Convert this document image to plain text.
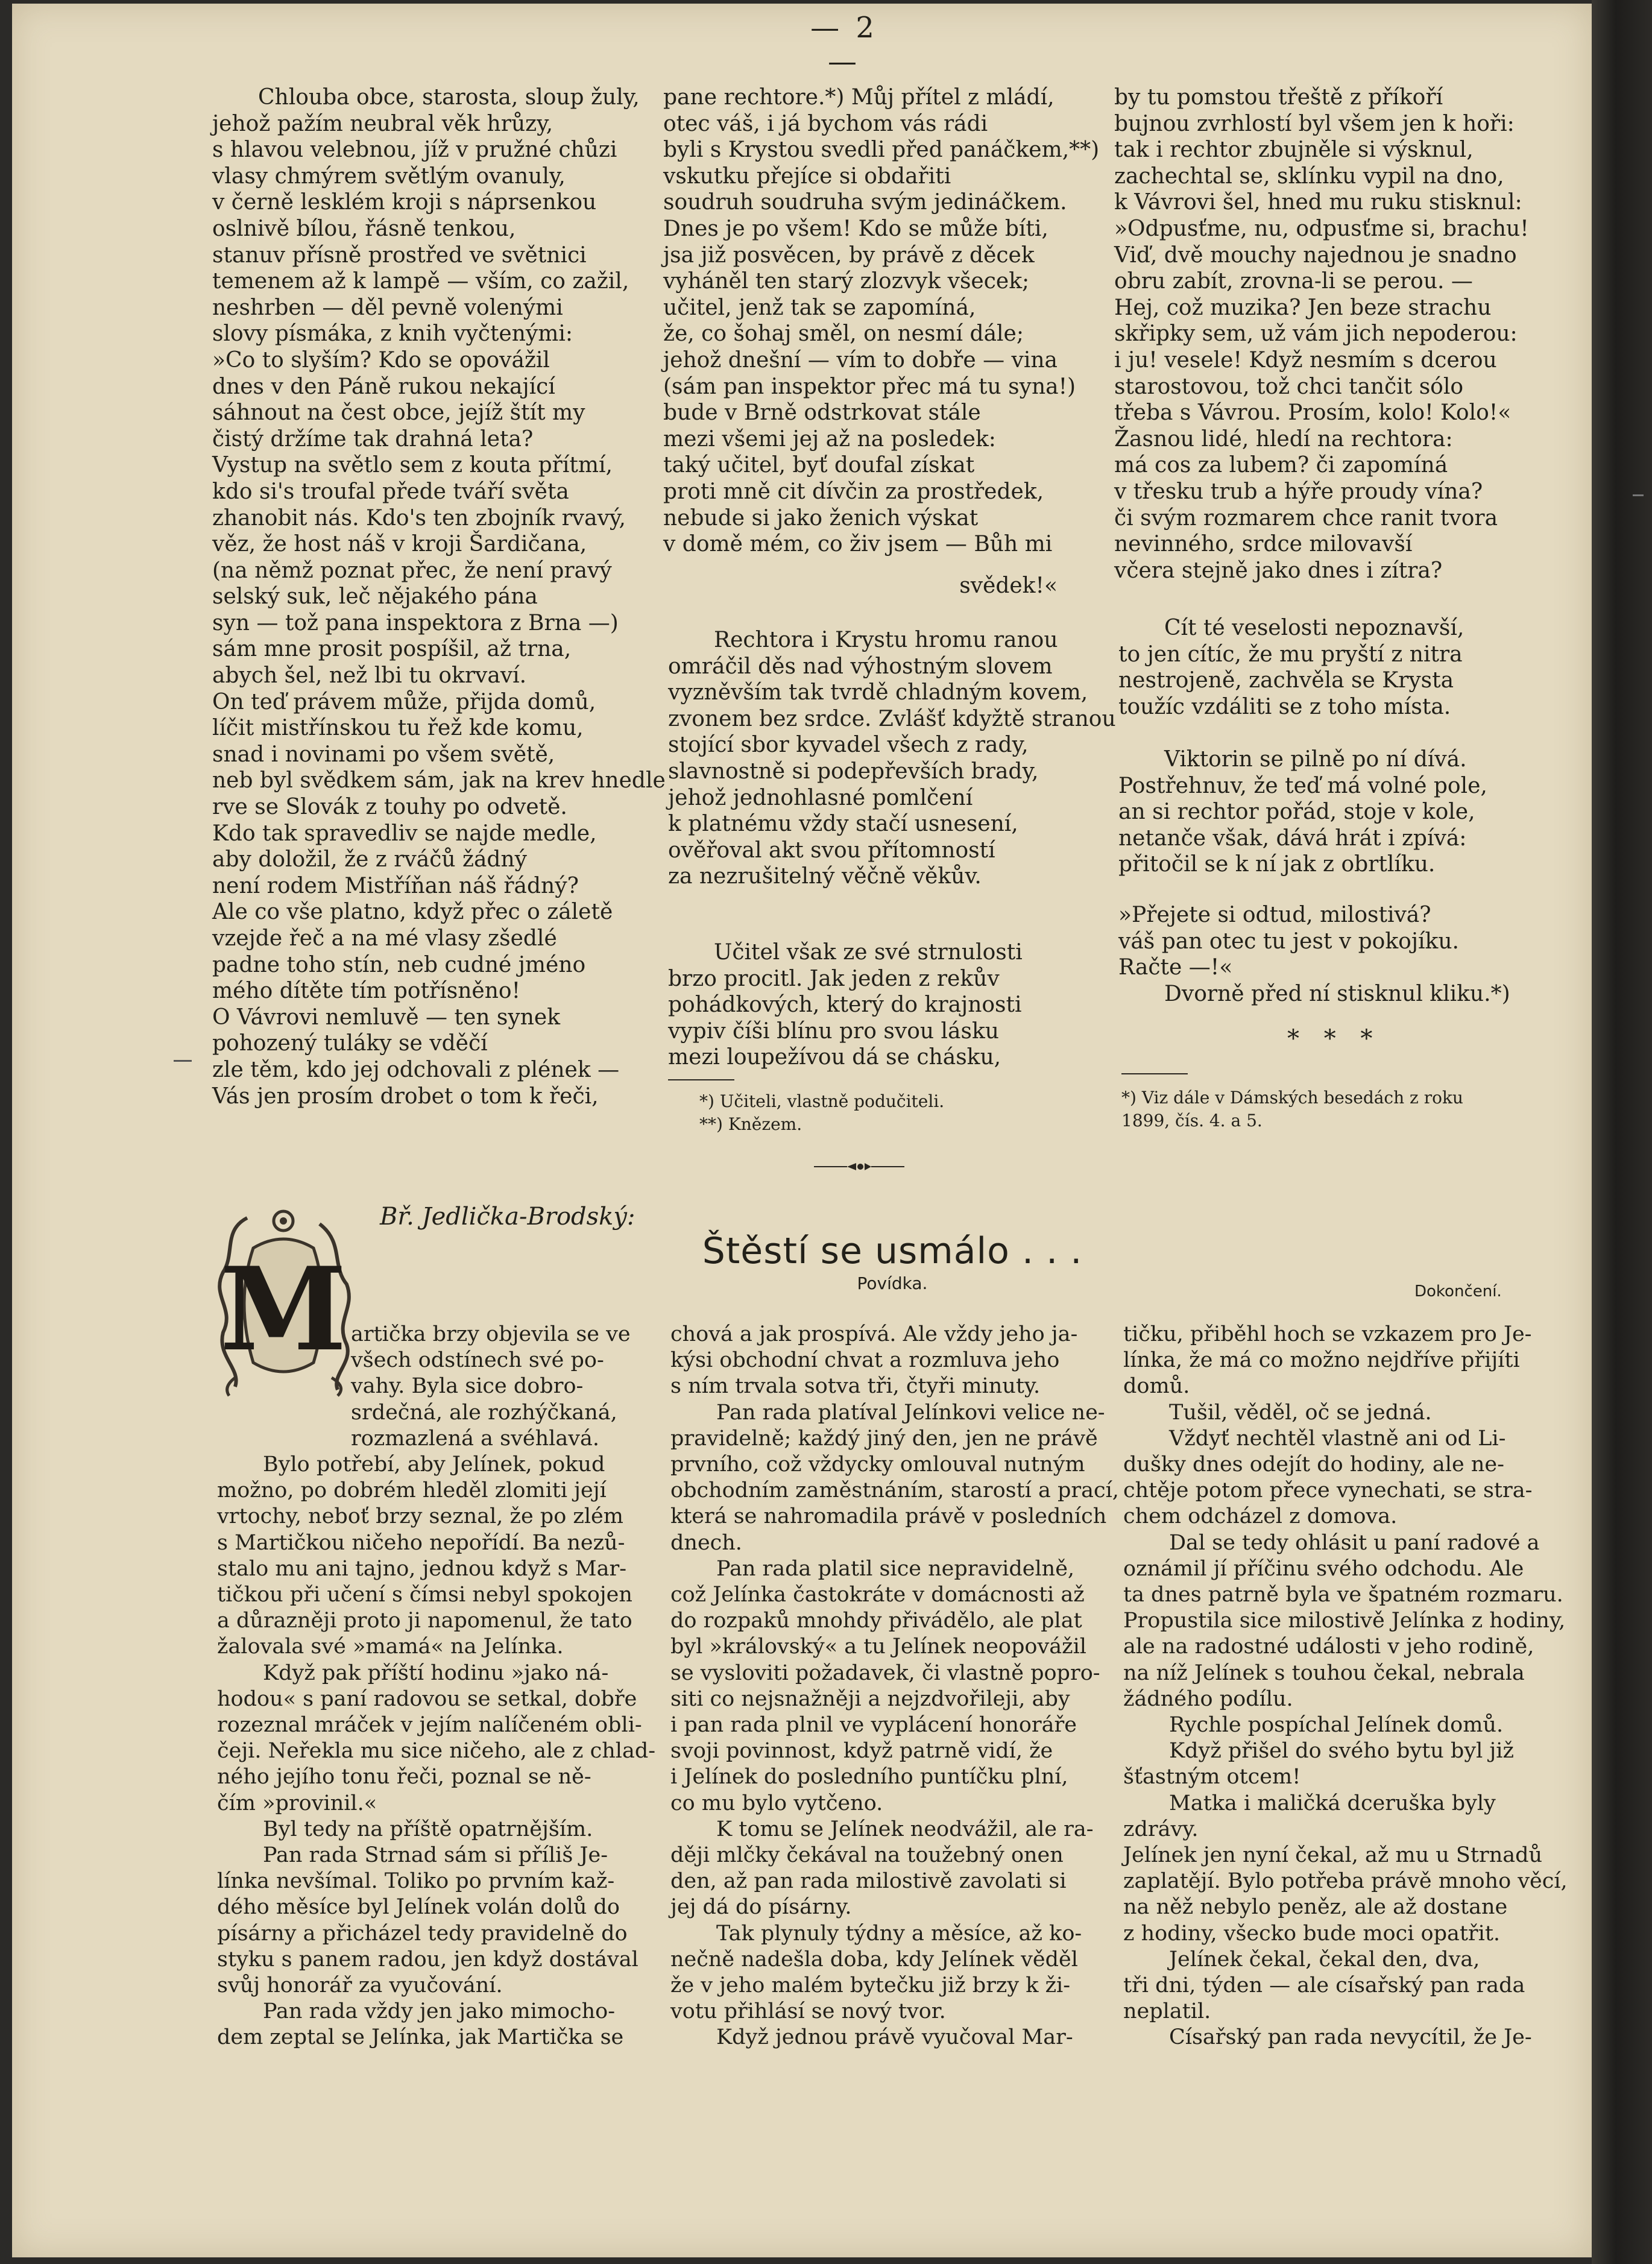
— 2 —
Chlouba obce, starosta, sloup žuly,
jehož pažím neubral věk hrůzy,
s hlavou velebnou, jíž v pružné chůzi
vlasy chmýrem světlým ovanuly,
v černě lesklém kroji s náprsenkou
oslnivě bílou, řásně tenkou,
stanuv přísně prostřed ve světnici
temenem až k lampě — vším, co zažil,
neshrben — děl pevně volenými
slovy písmáka, z knih vyčtenými:
»Co to slyším? Kdo se opovážil
dnes v den Páně rukou nekající
sáhnout na čest obce, jejíž štít my
čistý držíme tak drahná leta?
Vystup na světlo sem z kouta přítmí,
kdo si's troufal přede tváří světa
zhanobit nás. Kdo's ten zbojník rvavý,
věz, že host náš v kroji Šardičana,
(na němž poznat přec, že není pravý
selský suk, leč nějakého pána
syn — tož pana inspektora z Brna —)
sám mne prosit pospíšil, až trna,
abych šel, než lbi tu okrvaví.
On teď právem může, přijda domů,
líčit mistřínskou tu řež kde komu,
snad i novinami po všem světě,
neb byl svědkem sám, jak na krev hnedle
rve se Slovák z touhy po odvetě.
Kdo tak spravedliv se najde medle,
aby doložil, že z rváčů žádný
není rodem Mistříňan náš řádný?
Ale co vše platno, když přec o záletě
vzejde řeč a na mé vlasy zšedlé
padne toho stín, neb cudné jméno
mého dítěte tím potřísněno!
O Vávrovi nemluvě — ten synek
pohozený tuláky se vděčí
zle těm, kdo jej odchovali z plének —
Vás jen prosím drobet o tom k řeči,
pane rechtore.*) Můj přítel z mládí,
otec váš, i já bychom vás rádi
byli s Krystou svedli před panáčkem,**)
vskutku přejíce si obdařiti
soudruh soudruha svým jedináčkem.
Dnes je po všem! Kdo se může bíti,
jsa již posvěcen, by právě z děcek
vyháněl ten starý zlozvyk všecek;
učitel, jenž tak se zapomíná,
že, co šohaj směl, on nesmí dále;
jehož dnešní — vím to dobře — vina
(sám pan inspektor přec má tu syna!)
bude v Brně odstrkovat stále
mezi všemi jej až na posledek:
taký učitel, byť doufal získat
proti mně cit dívčin za prostředek,
nebude si jako ženich výskat
v domě mém, co živ jsem — Bůh mi
svědek!«
Rechtora i Krystu hromu ranou
omráčil děs nad výhostným slovem
vyzněvším tak tvrdě chladným kovem,
zvonem bez srdce. Zvlášť kdyžtě stranou
stojící sbor kyvadel všech z rady,
slavnostně si podepřevších brady,
jehož jednohlasné pomlčení
k platnému vždy stačí usnesení,
ověřoval akt svou přítomností
za nezrušitelný věčně věkův.
Učitel však ze své strnulosti
brzo procitl. Jak jeden z rekův
pohádkových, který do krajnosti
vypiv číši blínu pro svou lásku
mezi loupežívou dá se chásku,
*) Učiteli, vlastně podučiteli.
**) Knězem.
by tu pomstou třeště z příkoří
bujnou zvrhlostí byl všem jen k hoři:
tak i rechtor zbujněle si výsknul,
zachechtal se, sklínku vypil na dno,
k Vávrovi šel, hned mu ruku stisknul:
»Odpusťme, nu, odpusťme si, brachu!
Viď, dvě mouchy najednou je snadno
obru zabít, zrovna-li se perou. —
Hej, což muzika? Jen beze strachu
skřipky sem, už vám jich nepoderou:
i ju! vesele! Když nesmím s dcerou
starostovou, tož chci tančit sólo
třeba s Vávrou. Prosím, kolo! Kolo!«
Žasnou lidé, hledí na rechtora:
má cos za lubem? či zapomíná
v třesku trub a hýře proudy vína?
či svým rozmarem chce ranit tvora
nevinného, srdce milovavší
včera stejně jako dnes i zítra?
Cít té veselosti nepoznavší,
to jen cítíc, že mu pryští z nitra
nestrojeně, zachvěla se Krysta
toužíc vzdáliti se z toho místa.
Viktorin se pilně po ní dívá.
Postřehnuv, že teď má volné pole,
an si rechtor pořád, stoje v kole,
netanče však, dává hrát i zpívá:
přitočil se k ní jak z obrtlíku.
»Přejete si odtud, milostivá?
váš pan otec tu jest v pokojíku.
Račte —!«
Dvorně před ní stisknul kliku.*)
* * *
*) Viz dále v Dámských besedách z roku
1899, čís. 4. a 5.
Bř. Jedlička-Brodský:
Štěstí se usmálo . . .
Povídka.	Dokončení.
M artička brzy objevila se ve
všech odstínech své po-
vahy. Byla sice dobro-
srdečná, ale rozhýčkaná,
rozmazlená a svéhlavá.
Bylo potřebí, aby Jelínek, pokud
možno, po dobrém hleděl zlomiti její
vrtochy, neboť brzy seznal, že po zlém
s Martičkou ničeho nepořídí. Ba nezů-
stalo mu ani tajno, jednou když s Mar-
tičkou při učení s čímsi nebyl spokojen
a důrazněji proto ji napomenul, že tato
žalovala své »mamá« na Jelínka.
Když pak příští hodinu »jako ná-
hodou« s paní radovou se setkal, dobře
rozeznal mráček v jejím nalíčeném obli-
čeji. Neřekla mu sice ničeho, ale z chlad-
ného jejího tonu řeči, poznal se ně-
čím »provinil.«
Byl tedy na příště opatrnějším.
Pan rada Strnad sám si příliš Je-
línka nevšímal. Toliko po prvním kaž-
dého měsíce byl Jelínek volán dolů do
písárny a přicházel tedy pravidelně do
styku s panem radou, jen když dostával
svůj honorář za vyučování.
Pan rada vždy jen jako mimocho-
dem zeptal se Jelínka, jak Martička se
chová a jak prospívá. Ale vždy jeho ja-
kýsi obchodní chvat a rozmluva jeho
s ním trvala sotva tři, čtyři minuty.
Pan rada platíval Jelínkovi velice ne-
pravidelně; každý jiný den, jen ne právě
prvního, což vždycky omlouval nutným
obchodním zaměstnáním, starostí a prací,
která se nahromadila právě v posledních
dnech.
Pan rada platil sice nepravidelně,
což Jelínka častokráte v domácnosti až
do rozpaků mnohdy přivádělo, ale plat
byl »královský« a tu Jelínek neopovážil
se vysloviti požadavek, či vlastně popro-
siti co nejsnažněji a nejzdvořileji, aby
i pan rada plnil ve vyplácení honoráře
svoji povinnost, když patrně vidí, že
i Jelínek do posledního puntíčku plní,
co mu bylo vytčeno.
K tomu se Jelínek neodvážil, ale ra-
ději mlčky čekával na toužebný onen
den, až pan rada milostivě zavolati si
jej dá do písárny.
Tak plynuly týdny a měsíce, až ko-
nečně nadešla doba, kdy Jelínek věděl
že v jeho malém bytečku již brzy k ži-
votu přihlásí se nový tvor.
Když jednou právě vyučoval Mar-
tičku, přiběhl hoch se vzkazem pro Je-
línka, že má co možno nejdříve přijíti
domů.
Tušil, věděl, oč se jedná.
Vždyť nechtěl vlastně ani od Li-
dušky dnes odejít do hodiny, ale ne-
chtěje potom přece vynechati, se stra-
chem odcházel z domova.
Dal se tedy ohlásit u paní radové a
oznámil jí příčinu svého odchodu. Ale
ta dnes patrně byla ve špatném rozmaru.
Propustila sice milostivě Jelínka z hodiny,
ale na radostné události v jeho rodině,
na níž Jelínek s touhou čekal, nebrala
žádného podílu.
Rychle pospíchal Jelínek domů.
Když přišel do svého bytu byl již
šťastným otcem!
Matka i maličká dceruška byly
zdrávy.
Jelínek jen nyní čekal, až mu u Strnadů
zaplatějí. Bylo potřeba právě mnoho věcí,
na něž nebylo peněz, ale až dostane
z hodiny, všecko bude moci opatřit.
Jelínek čekal, čekal den, dva,
tři dni, týden — ale císařský pan rada
neplatil.
Císařský pan rada nevycítil, že Je-
